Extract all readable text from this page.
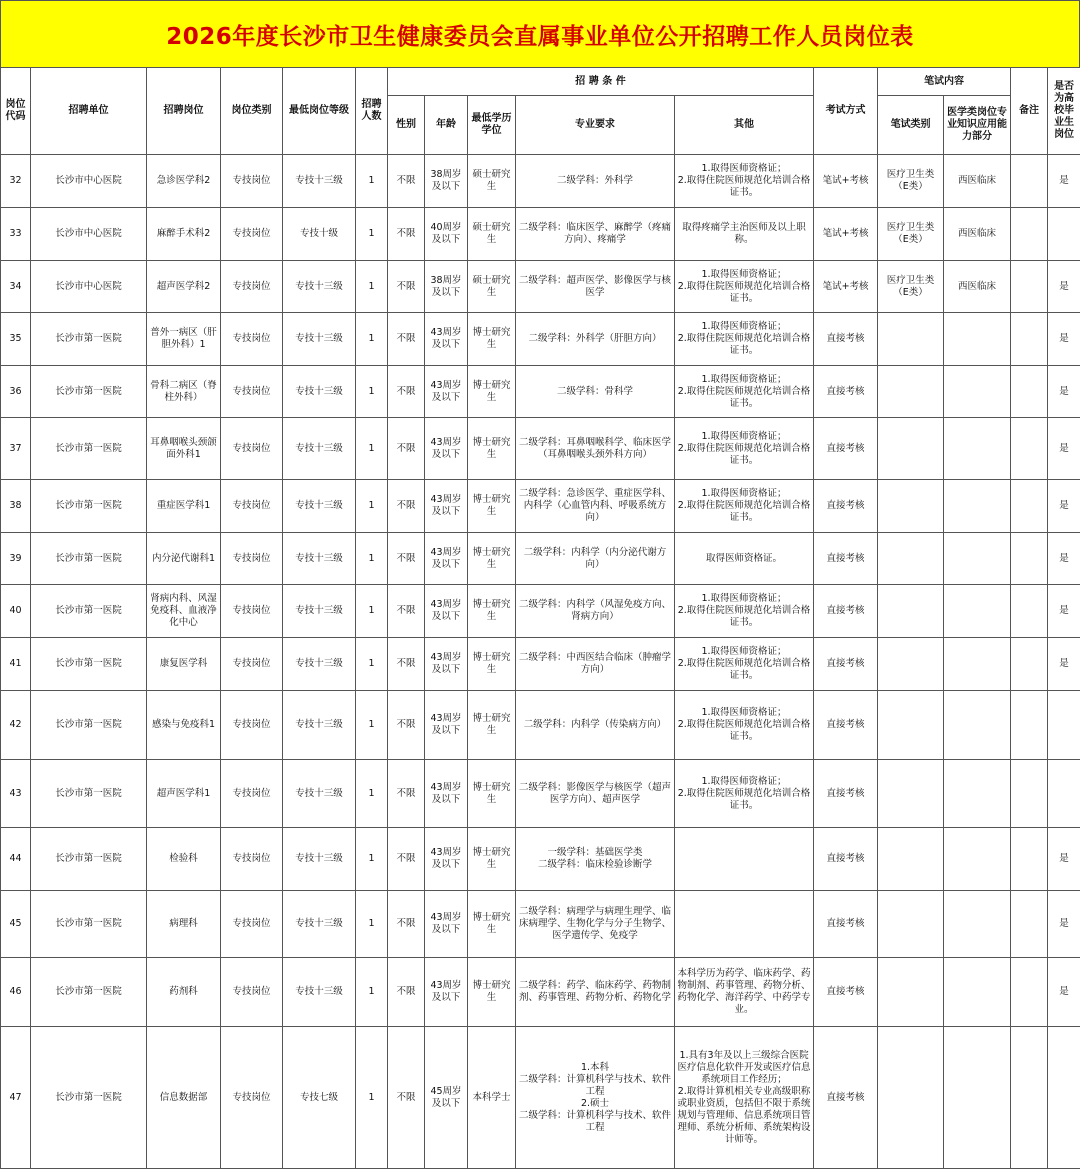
2026年度长沙市卫生健康委员会直属事业单位公开招聘工作人员岗位表
岗位代码	招聘单位	招聘岗位	岗位类别	最低岗位等级	招聘人数	招 聘 条 件					考试方式	笔试内容		备注	是否为高校毕业生岗位
						性别	年龄	最低学历学位	专业要求	其他		笔试类别	医学类岗位专业知识应用能力部分		
32	长沙市中心医院	急诊医学科2	专技岗位	专技十三级	1	不限	38周岁及以下	硕士研究生	二级学科：外科学	1.取得医师资格证；
2.取得住院医师规范化培训合格证书。	笔试+考核	医疗卫生类（E类）	西医临床		是
33	长沙市中心医院	麻醉手术科2	专技岗位	专技十级	1	不限	40周岁及以下	硕士研究生	二级学科：临床医学、麻醉学（疼痛方向）、疼痛学	取得疼痛学主治医师及以上职称。	笔试+考核	医疗卫生类（E类）	西医临床		
34	长沙市中心医院	超声医学科2	专技岗位	专技十三级	1	不限	38周岁及以下	硕士研究生	二级学科：超声医学、影像医学与核医学	1.取得医师资格证；
2.取得住院医师规范化培训合格证书。	笔试+考核	医疗卫生类（E类）	西医临床		是
35	长沙市第一医院	普外一病区（肝胆外科）1	专技岗位	专技十三级	1	不限	43周岁及以下	博士研究生	二级学科：外科学（肝胆方向）	1.取得医师资格证；
2.取得住院医师规范化培训合格证书。	直接考核				是
36	长沙市第一医院	骨科二病区（脊柱外科）	专技岗位	专技十三级	1	不限	43周岁及以下	博士研究生	二级学科：骨科学	1.取得医师资格证；
2.取得住院医师规范化培训合格证书。	直接考核				是
37	长沙市第一医院	耳鼻咽喉头颈颌面外科1	专技岗位	专技十三级	1	不限	43周岁及以下	博士研究生	二级学科：耳鼻咽喉科学、临床医学（耳鼻咽喉头颈外科方向）	1.取得医师资格证；
2.取得住院医师规范化培训合格证书。	直接考核				是
38	长沙市第一医院	重症医学科1	专技岗位	专技十三级	1	不限	43周岁及以下	博士研究生	二级学科：急诊医学、重症医学科、内科学（心血管内科、呼吸系统方向）	1.取得医师资格证；
2.取得住院医师规范化培训合格证书。	直接考核				是
39	长沙市第一医院	内分泌代谢科1	专技岗位	专技十三级	1	不限	43周岁及以下	博士研究生	二级学科：内科学（内分泌代谢方向）	取得医师资格证。	直接考核				是
40	长沙市第一医院	肾病内科、风湿免疫科、血液净化中心	专技岗位	专技十三级	1	不限	43周岁及以下	博士研究生	二级学科：内科学（风湿免疫方向、肾病方向）	1.取得医师资格证；
2.取得住院医师规范化培训合格证书。	直接考核				是
41	长沙市第一医院	康复医学科	专技岗位	专技十三级	1	不限	43周岁及以下	博士研究生	二级学科：中西医结合临床（肿瘤学方向）	1.取得医师资格证；
2.取得住院医师规范化培训合格证书。	直接考核				是
42	长沙市第一医院	感染与免疫科1	专技岗位	专技十三级	1	不限	43周岁及以下	博士研究生	二级学科：内科学（传染病方向）	1.取得医师资格证；
2.取得住院医师规范化培训合格证书。	直接考核				
43	长沙市第一医院	超声医学科1	专技岗位	专技十三级	1	不限	43周岁及以下	博士研究生	二级学科：影像医学与核医学（超声医学方向）、超声医学	1.取得医师资格证；
2.取得住院医师规范化培训合格证书。	直接考核				
44	长沙市第一医院	检验科	专技岗位	专技十三级	1	不限	43周岁及以下	博士研究生	一级学科：基础医学类
二级学科：临床检验诊断学		直接考核				是
45	长沙市第一医院	病理科	专技岗位	专技十三级	1	不限	43周岁及以下	博士研究生	二级学科：病理学与病理生理学、临床病理学、生物化学与分子生物学、医学遗传学、免疫学		直接考核				是
46	长沙市第一医院	药剂科	专技岗位	专技十三级	1	不限	43周岁及以下	博士研究生	二级学科：药学、临床药学、药物制剂、药事管理、药物分析、药物化学	本科学历为药学、临床药学、药物制剂、药事管理、药物分析、药物化学、海洋药学、中药学专业。	直接考核				是
47	长沙市第一医院	信息数据部	专技岗位	专技七级	1	不限	45周岁及以下	本科学士	1.本科
二级学科：计算机科学与技术、软件工程
2.硕士
二级学科：计算机科学与技术、软件工程	1.具有3年及以上三级综合医院医疗信息化软件开发或医疗信息系统项目工作经历；
2.取得计算机相关专业高级职称或职业资质，包括但不限于系统规划与管理师、信息系统项目管理师、系统分析师、系统架构设计师等。	直接考核				
